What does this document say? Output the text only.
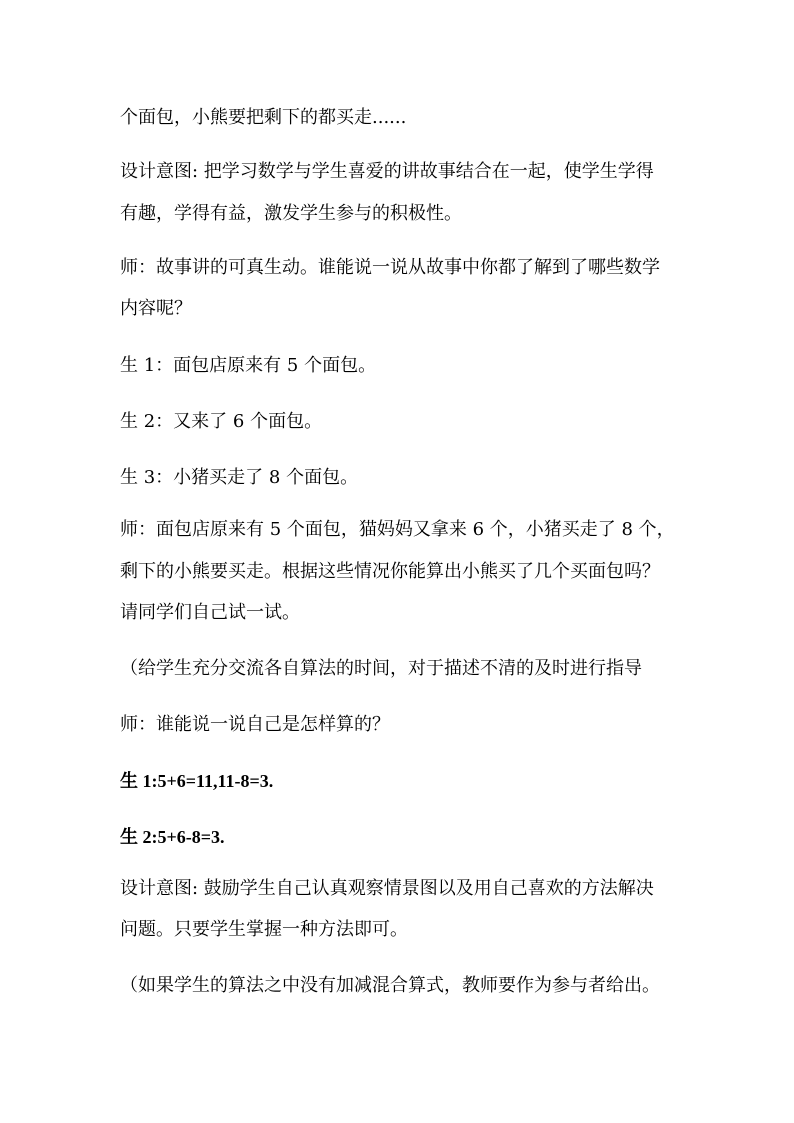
个面包，小熊要把剩下的都买走......
设计意图: 把学习数学与学生喜爱的讲故事结合在一起，使学生学得
有趣，学得有益，激发学生参与的积极性。
师：故事讲的可真生动。谁能说一说从故事中你都了解到了哪些数学
内容呢？
生 1：面包店原来有 5 个面包。
生 2：又来了 6 个面包。
生 3：小猪买走了 8 个面包。
师：面包店原来有 5 个面包，猫妈妈又拿来 6 个，小猪买走了 8 个，
剩下的小熊要买走。根据这些情况你能算出小熊买了几个买面包吗？
请同学们自己试一试。
（给学生充分交流各自算法的时间，对于描述不清的及时进行指导
师：谁能说一说自己是怎样算的？
生 1:5+6=11,11-8=3.
生 2:5+6-8=3.
设计意图: 鼓励学生自己认真观察情景图以及用自己喜欢的方法解决
问题。只要学生掌握一种方法即可。
（如果学生的算法之中没有加减混合算式，教师要作为参与者给出。
